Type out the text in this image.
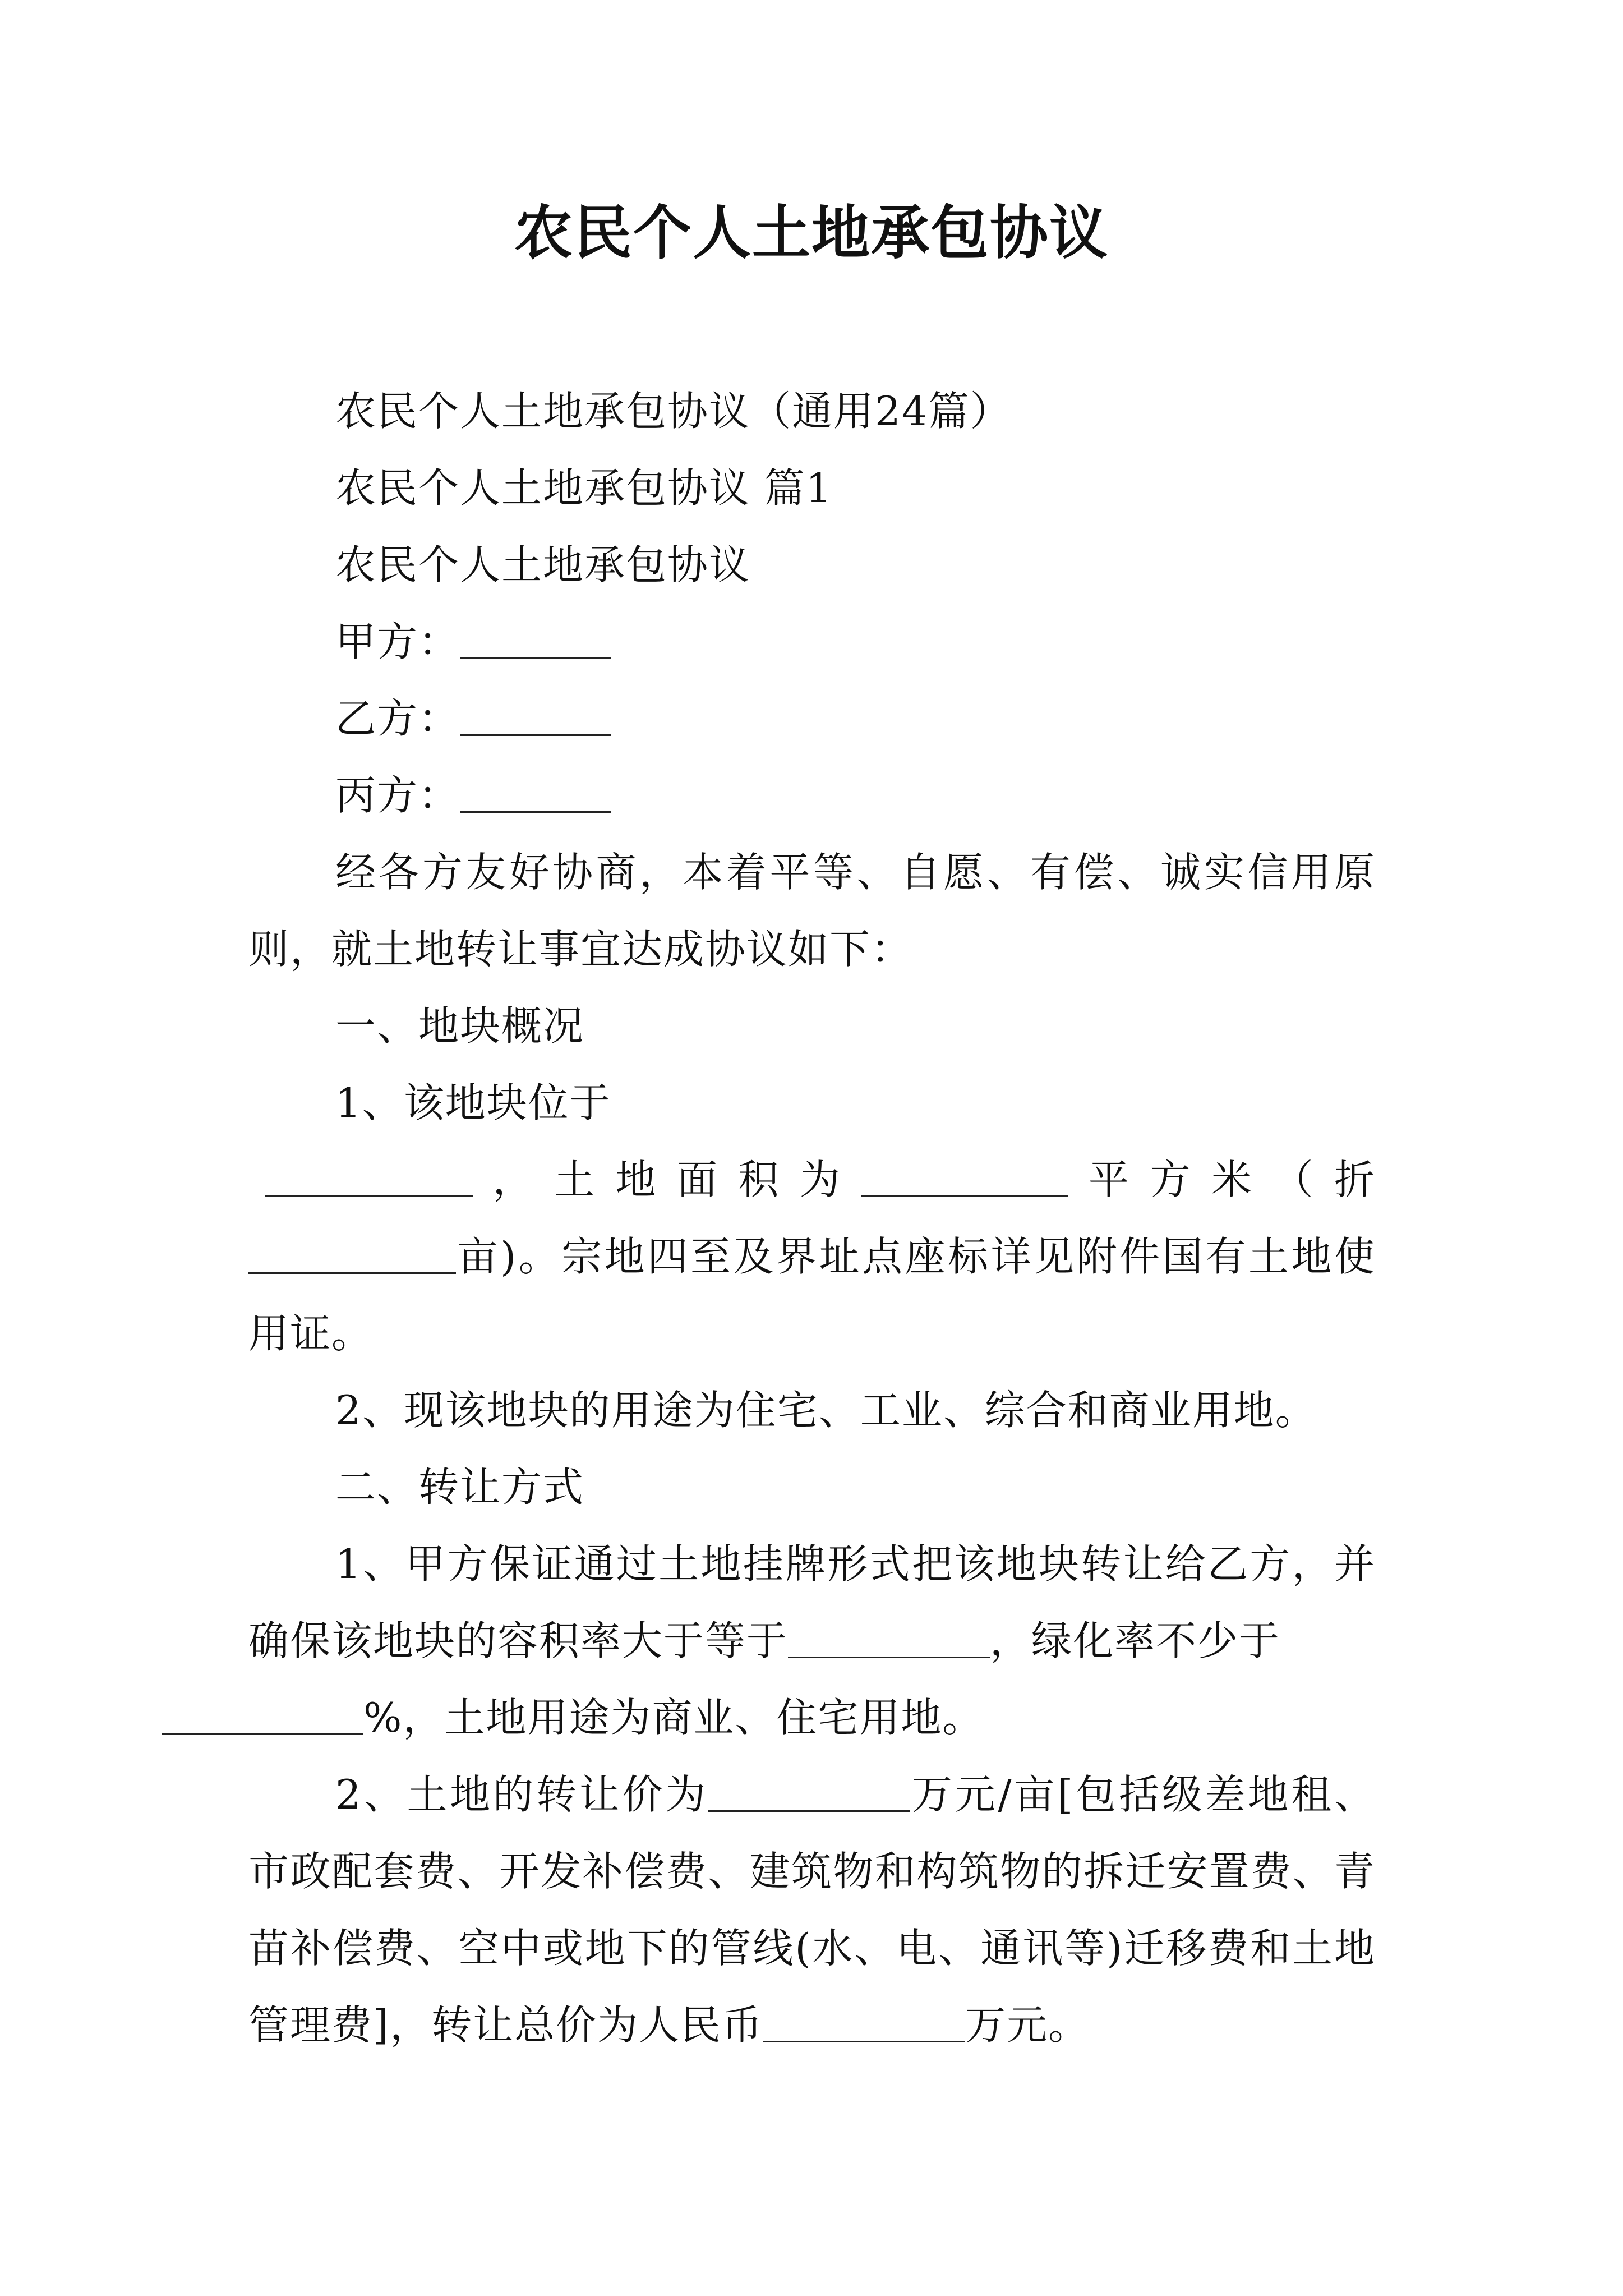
农民个人土地承包协议

农民个人土地承包协议（通用24篇）

农民个人土地承包协议 篇1

农民个人土地承包协议

甲方：

乙方：

丙方：

经各方友好协商，本着平等、自愿、有偿、诚实信用原则，就土地转让事宜达成协议如下：

一、地块概况

1、该地块位于

，土地面积为	平方米（折

亩)。宗地四至及界址点座标详见附件国有土地使用证。

2、现该地块的用途为住宅、工业、综合和商业用地。

二、转让方式

1、甲方保证通过土地挂牌形式把该地块转让给乙方，并确保该地块的容积率大于等于	，绿化率不少于
%，土地用途为商业、住宅用地。

2、土地的转让价为	万元/亩[包括级差地租、市政配套费、开发补偿费、建筑物和构筑物的拆迁安置费、青苗补偿费、空中或地下的管线(水、电、通讯等)迁移费和土地管理费]，转让总价为人民币	万元。
